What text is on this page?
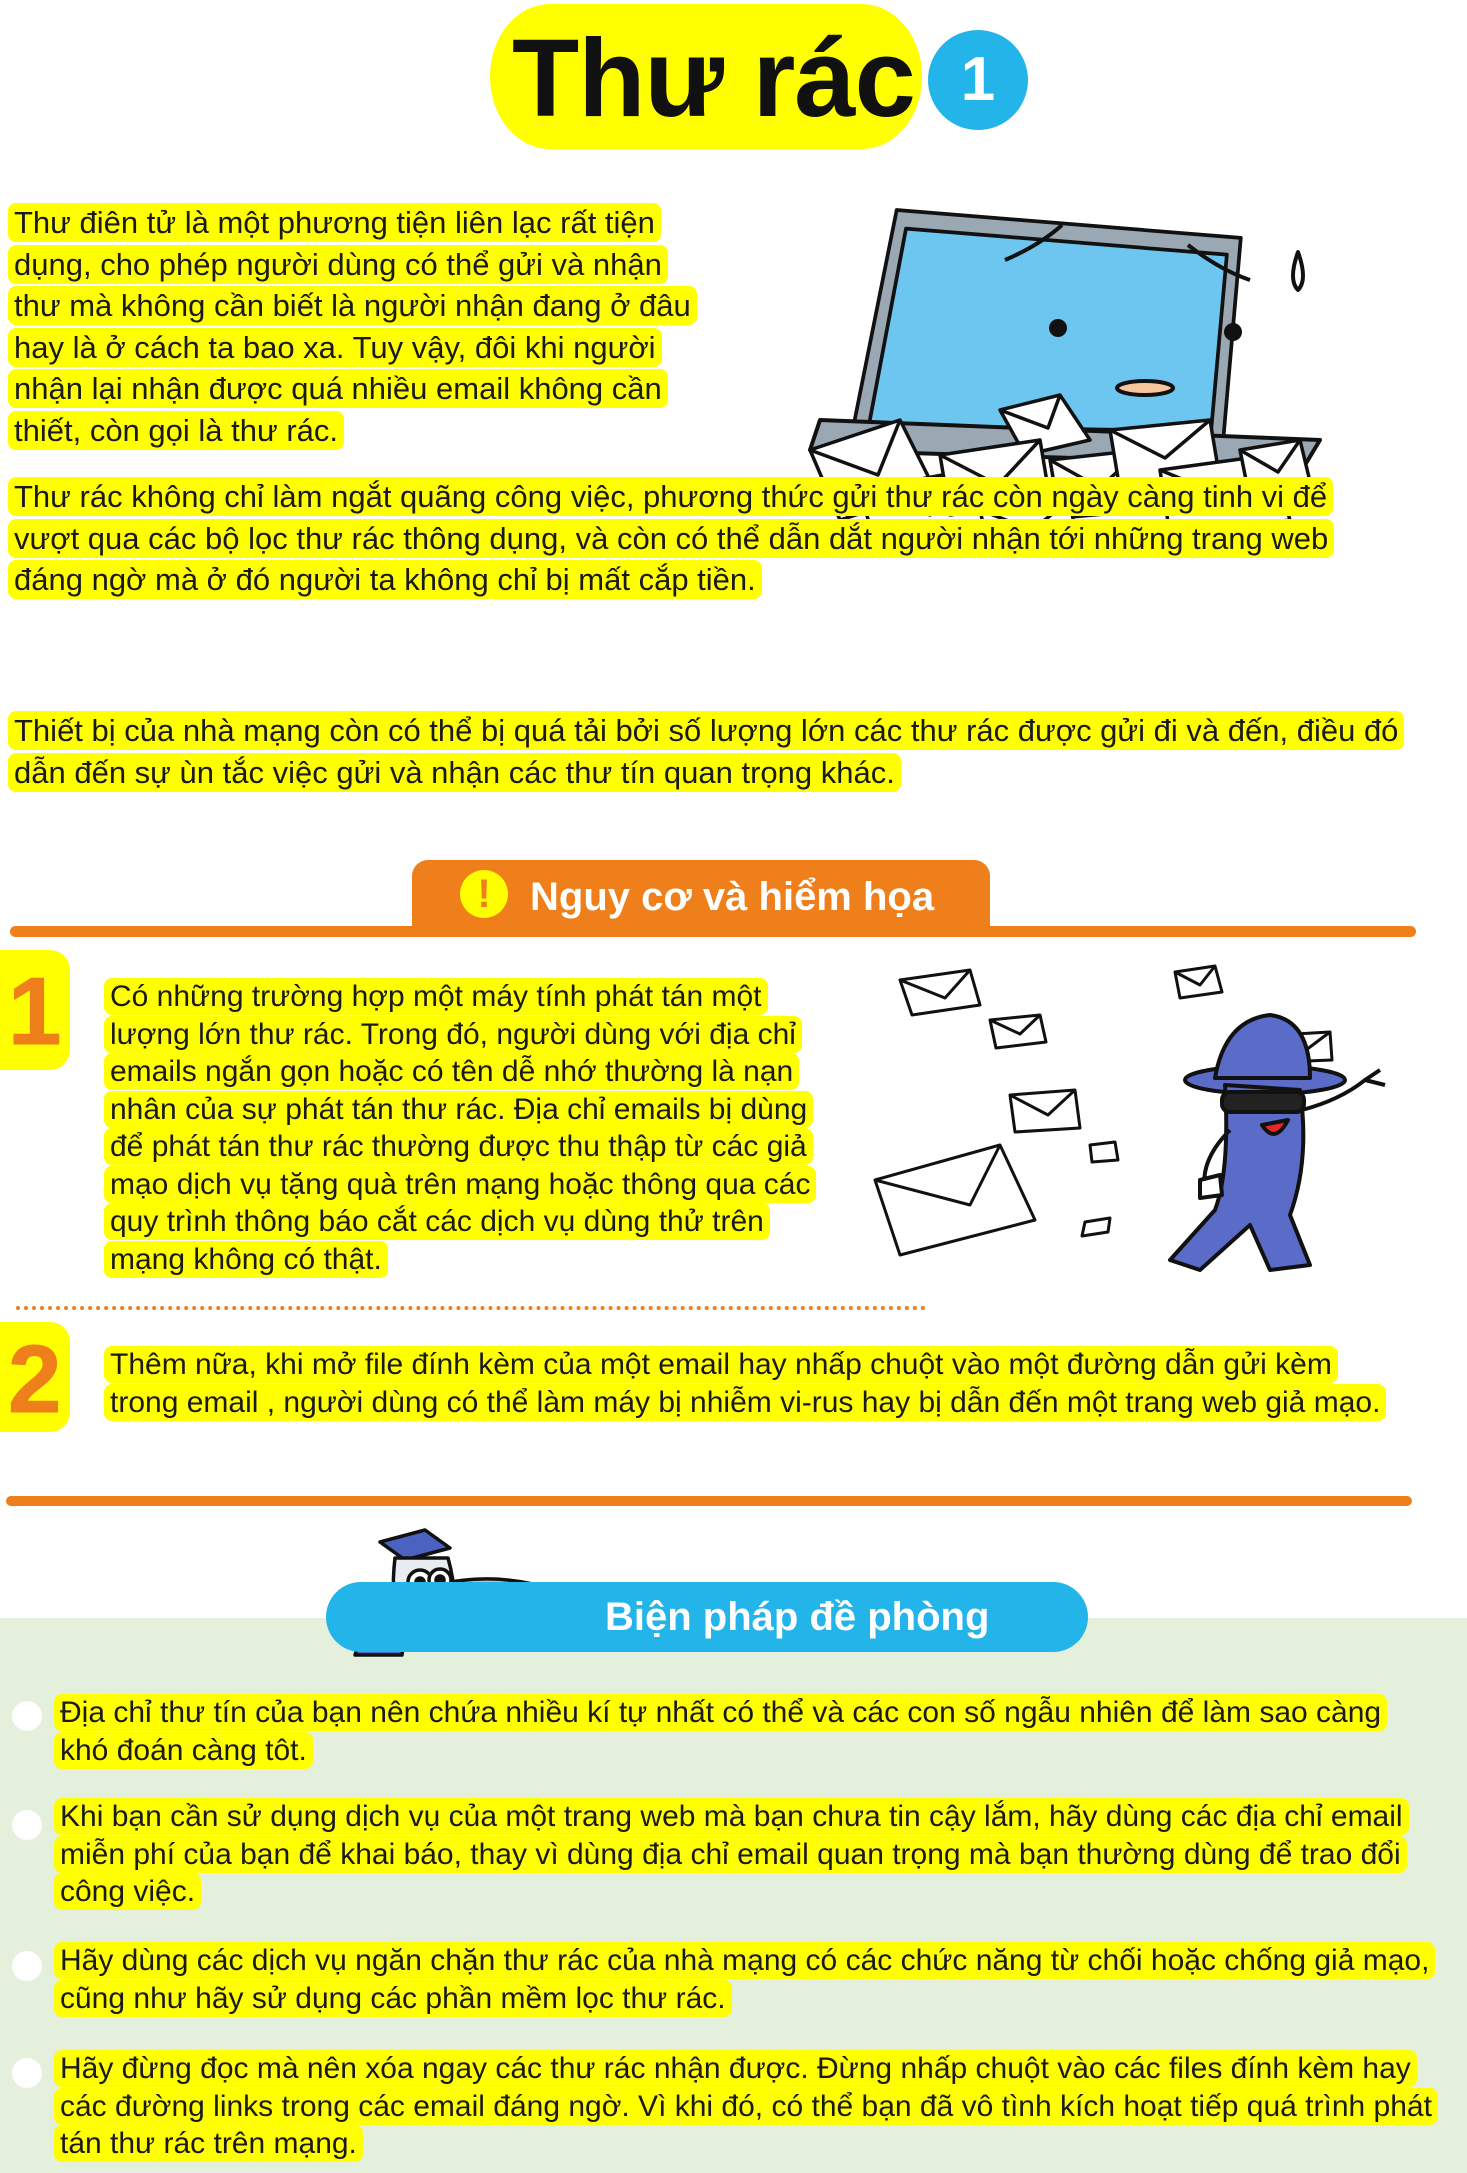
Thư rác 1

Thư điên tử là một phương tiện liên lạc rất tiện dụng, cho phép người dùng có thể gửi và nhận thư mà không cần biết là người nhận đang ở đâu hay là ở cách ta bao xa. Tuy vậy, đôi khi người nhận lại nhận được quá nhiều email không cần thiết, còn gọi là thư rác.

Thư rác không chỉ làm ngắt quãng công việc, phương thức gửi thư rác còn ngày càng tinh vi để vượt qua các bộ lọc thư rác thông dụng, và còn có thể dẫn dắt người nhận tới những trang web đáng ngờ mà ở đó người ta không chỉ bị mất cắp tiền.

Thiết bị của nhà mạng còn có thể bị quá tải bởi số lượng lớn các thư rác được gửi đi và đến, điều đó dẫn đến sự ùn tắc việc gửi và nhận các thư tín quan trọng khác.

! Nguy cơ và hiểm họa
1 Có những trường hợp một máy tính phát tán một lượng lớn thư rác. Trong đó, người dùng với địa chỉ emails ngắn gọn hoặc có tên dễ nhớ thường là nạn nhân của sự phát tán thư rác. Địa chỉ emails bị dùng để phát tán thư rác thường được thu thập từ các giả mạo dịch vụ tặng quà trên mạng hoặc thông qua các quy trình thông báo cắt các dịch vụ dùng thử trên mạng không có thật.

2 Thêm nữa, khi mở file đính kèm của một email hay nhấp chuột vào một đường dẫn gửi kèm trong email , người dùng có thể làm máy bị nhiễm vi-rus hay bị dẫn đến một trang web giả mạo.

Biện pháp đề phòng

Địa chỉ thư tín của bạn nên chứa nhiều kí tự nhất có thể và các con số ngẫu nhiên để làm sao càng khó đoán càng tôt.

Khi bạn cần sử dụng dịch vụ của một trang web mà bạn chưa tin cậy lắm, hãy dùng các địa chỉ email miễn phí của bạn để khai báo, thay vì dùng địa chỉ email quan trọng mà bạn thường dùng để trao đổi công việc.

Hãy dùng các dịch vụ ngăn chặn thư rác của nhà mạng có các chức năng từ chối hoặc chống giả mạo, cũng như hãy sử dụng các phần mềm lọc thư rác.

Hãy đừng đọc mà nên xóa ngay các thư rác nhận được. Đừng nhấp chuột vào các files đính kèm hay các đường links trong các email đáng ngờ. Vì khi đó, có thể bạn đã vô tình kích hoạt tiếp quá trình phát tán thư rác trên mạng.
